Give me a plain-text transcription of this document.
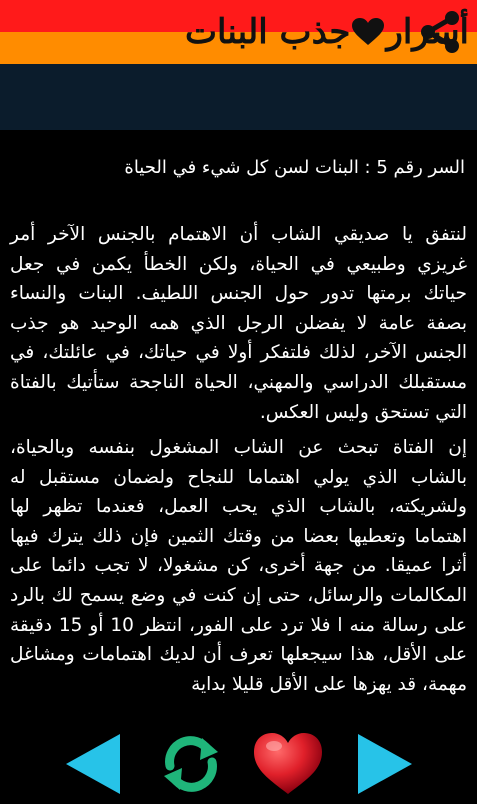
أسرار
جذب البنات
السر رقم 5 : البنات لسن كل شيء في الحياة
لنتفق يا صديقي الشاب أن الاهتمام بالجنس الآخر أمر غريزي وطبيعي في الحياة، ولكن الخطأ يكمن في جعل حياتك برمتها تدور حول الجنس اللطيف. البنات والنساء بصفة عامة لا يفضلن الرجل الذي همه الوحيد هو جذب الجنس الآخر، لذلك فلتفكر أولا في حياتك، في عائلتك، في مستقبلك الدراسي والمهني، الحياة الناجحة ستأتيك بالفتاة التي تستحق وليس العكس.
إن الفتاة تبحث عن الشاب المشغول بنفسه وبالحياة، بالشاب الذي يولي اهتماما للنجاح ولضمان مستقبل له ولشريكته، بالشاب الذي يحب العمل، فعندما تظهر لها اهتماما وتعطيها بعضا من وقتك الثمين فإن ذلك يترك فيها أثرا عميقا. من جهة أخرى، كن مشغولا، لا تجب دائما على المكالمات والرسائل، حتى إن كنت في وضع يسمح لك بالرد على رسالة منه ا فلا ترد على الفور، انتظر 10 أو 15 دقيقة على الأقل، هذا سيجعلها تعرف أن لديك اهتمامات ومشاغل مهمة، قد يهزها على الأقل قليلا بداية
